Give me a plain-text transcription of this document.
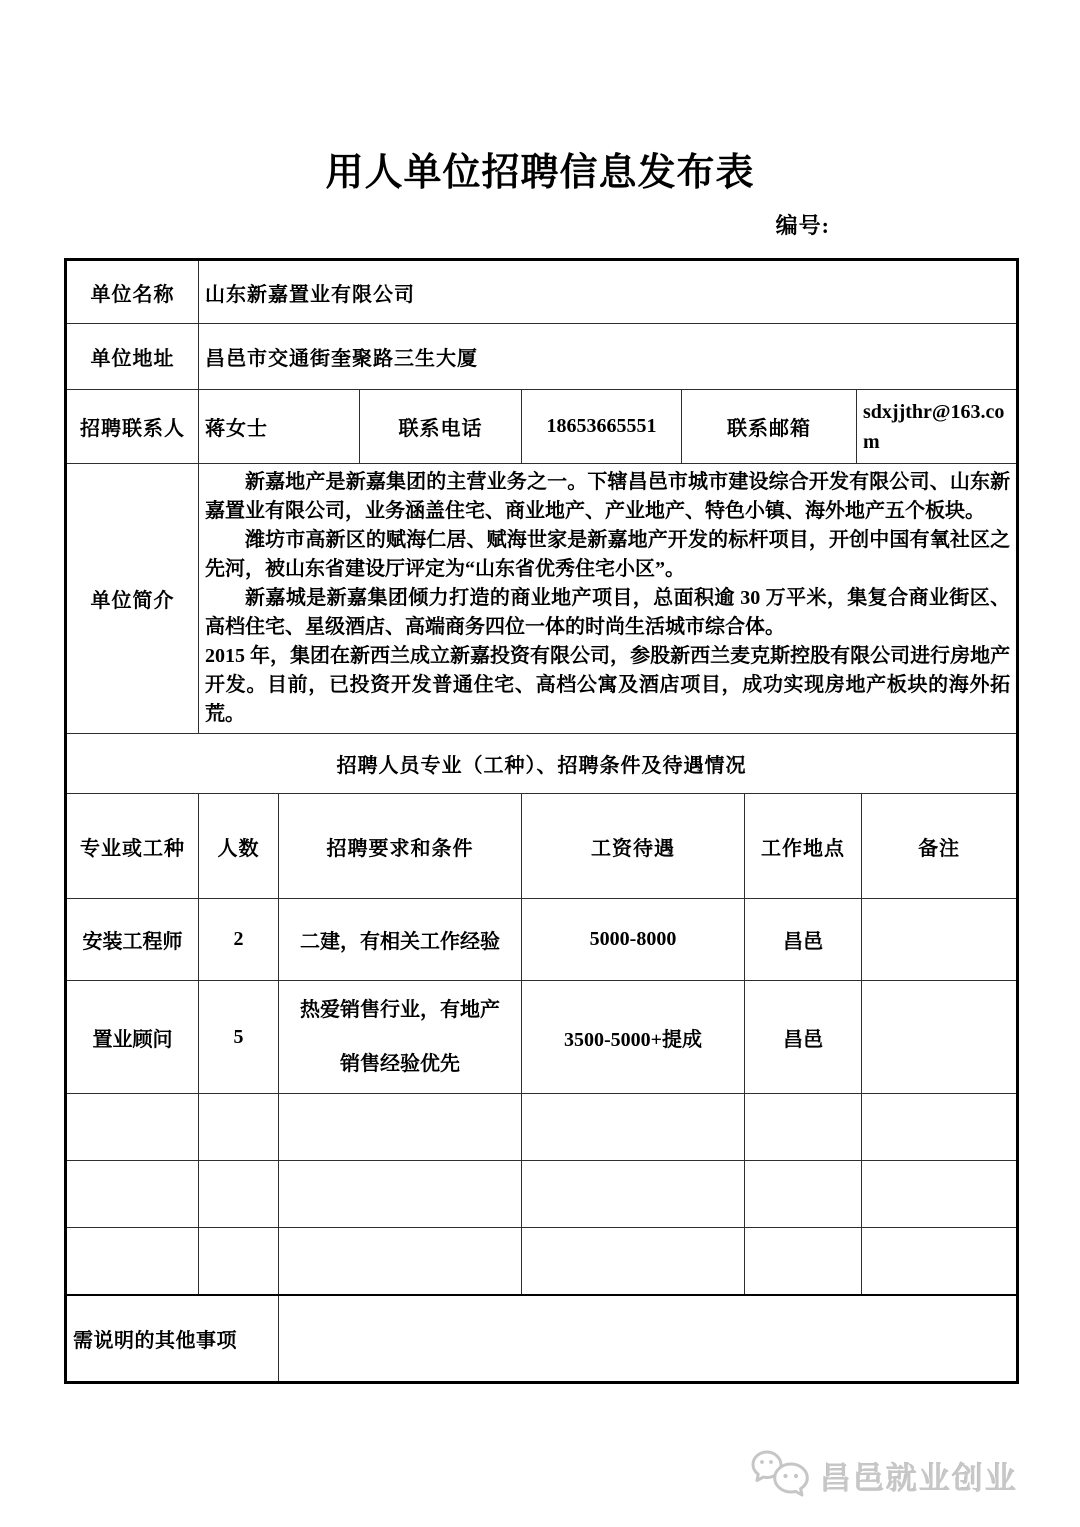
用人单位招聘信息发布表
编号:
单位名称	山东新嘉置业有限公司							
单位地址	昌邑市交通街奎聚路三生大厦							
招聘联系人	蒋女士		联系电话	18653665551	联系邮箱		sdxjjthr@163.com	
单位简介	新嘉地产是新嘉集团的主营业务之一。下辖昌邑市城市建设综合开发有限公司、山东新嘉置业有限公司，业务涵盖住宅、商业地产、产业地产、特色小镇、海外地产五个板块。

潍坊市高新区的赋海仁居、赋海世家是新嘉地产开发的标杆项目，开创中国有氧社区之先河，被山东省建设厅评定为“山东省优秀住宅小区”。

新嘉城是新嘉集团倾力打造的商业地产项目，总面积逾 30 万平米，集复合商业街区、高档住宅、星级酒店、高端商务四位一体的时尚生活城市综合体。

2015 年，集团在新西兰成立新嘉投资有限公司，参股新西兰麦克斯控股有限公司进行房地产开发。目前，已投资开发普通住宅、高档公寓及酒店项目，成功实现房地产板块的海外拓荒。							

招聘人员专业（工种）、招聘条件及待遇情况								
专业或工种	人数	招聘要求和条件		工资待遇		工作地点		备注
安装工程师	2	二建，有相关工作经验		5000-8000		昌邑		
置业顾问	5	热爱销售行业，有地产销售经验优先		3500-5000+提成		昌邑		

需说明的其他事项								
昌邑就业创业
